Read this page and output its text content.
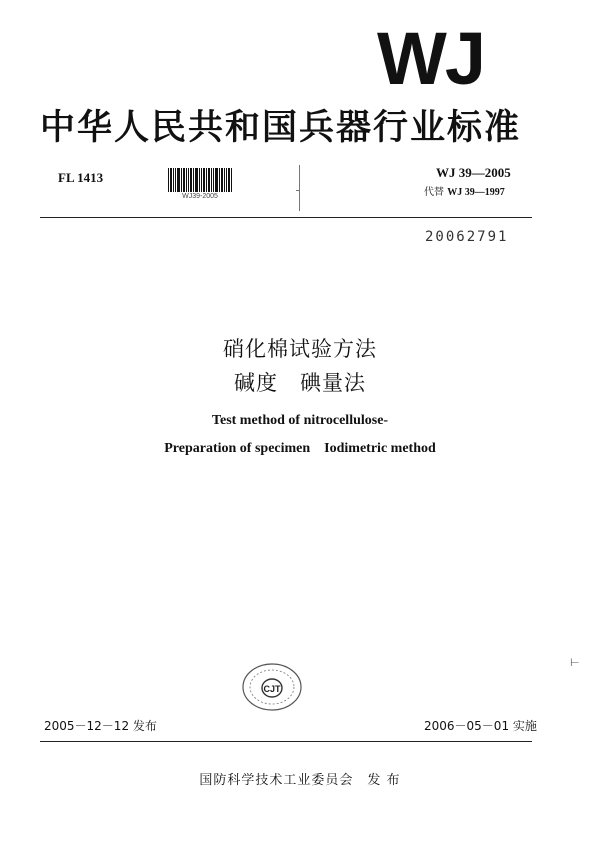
WJ
中华人民共和国兵器行业标准
FL 1413
WJ39-2005
WJ 39—2005
代替 WJ 39—1997
20062791
硝化棉试验方法
碱度　碘量法
Test method of nitrocellulose-
Preparation of specimen    Iodimetric method
CJT
⊢
2005－12－12 发布	2006－05－01 实施
国防科学技术工业委员会　发 布
